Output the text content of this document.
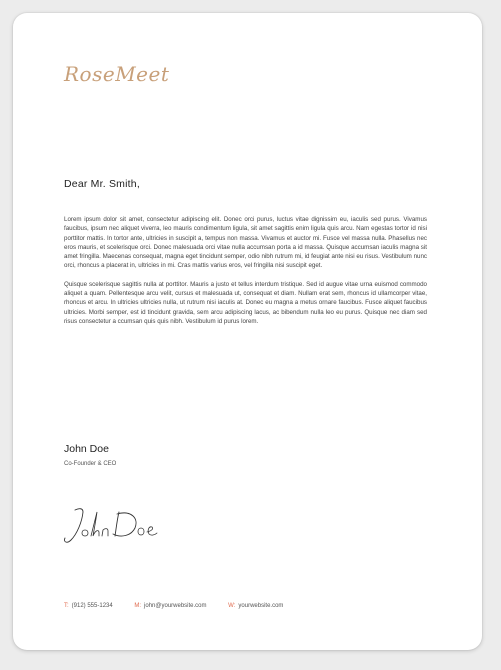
RoseMeet
Dear Mr. Smith,

Lorem ipsum dolor sit amet, consectetur adipiscing elit. Donec orci purus, luctus vitae dignissim eu, iaculis sed purus. Vivamus faucibus, ipsum nec aliquet viverra, leo mauris condimentum ligula, sit amet sagittis enim ligula quis arcu. Nam egestas tortor id nisi porttitor mattis. In tortor ante, ultricies in suscipit a, tempus non massa. Vivamus et auctor mi. Fusce vel massa nulla. Phasellus nec eros mauris, et scelerisque orci. Donec malesuada orci vitae nulla accumsan porta a id massa. Quisque accumsan iaculis magna sit amet fringilla. Maecenas consequat, magna eget tincidunt semper, odio nibh rutrum mi, id feugiat ante nisi eu risus. Vestibulum nunc orci, rhoncus a placerat in, ultricies in mi. Cras mattis varius eros, vel fringilla nisi suscipit eget.

Quisque scelerisque sagittis nulla at porttitor. Mauris a justo et tellus interdum tristique. Sed id augue vitae urna euismod commodo aliquet a quam. Pellentesque arcu velit, cursus et malesuada ut, consequat et diam. Nullam erat sem, rhoncus id ullamcorper vitae, rhoncus et arcu. In ultricies ultricies nulla, ut rutrum nisi iaculis at. Donec eu magna a metus ornare faucibus. Fusce aliquet faucibus ultricies. Morbi semper, est id tincidunt gravida, sem arcu adipiscing lacus, ac bibendum nulla leo eu purus. Quisque nec diam sed risus consectetur a ccumsan quis quis nibh. Vestibulum id purus lorem.

John Doe
Co-Founder & CEO
T: (912) 555-1234	M: john@yourwebsite.com	W: yourwebsite.com
